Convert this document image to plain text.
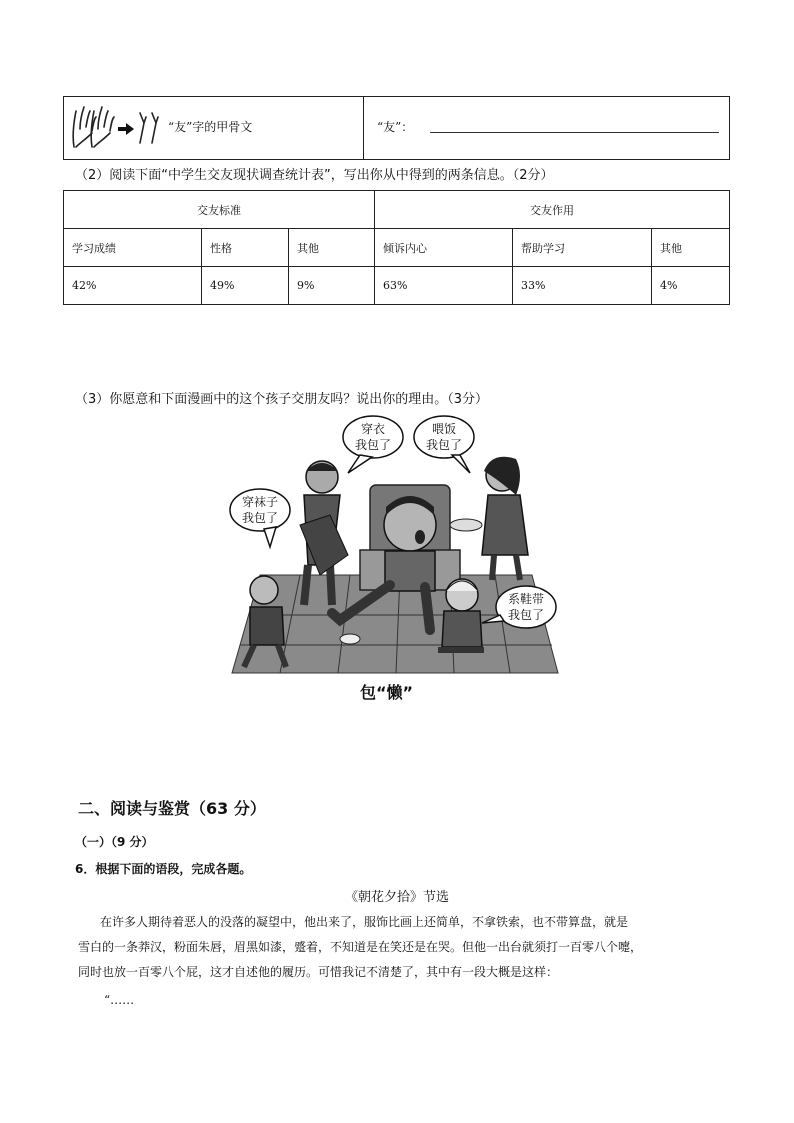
“友”字的甲骨文	“友”：
（2）阅读下面“中学生交友现状调查统计表”，写出你从中得到的两条信息。（2分）
交友标准			交友作用		
学习成绩	性格	其他	倾诉内心	帮助学习	其他
42%	49%	9%	63%	33%	4%
（3）你愿意和下面漫画中的这个孩子交朋友吗？说出你的理由。（3分）
穿衣
我包了
喂饭
我包了
穿袜子
我包了
系鞋带
我包了
包“懒”
二、阅读与鉴赏（63 分）
（一）（9 分）
6．根据下面的语段，完成各题。
《朝花夕拾》节选
在许多人期待着恶人的没落的凝望中，他出来了，服饰比画上还简单，不拿铁索，也不带算盘，就是
雪白的一条莽汉，粉面朱唇，眉黑如漆，蹙着，不知道是在笑还是在哭。但他一出台就须打一百零八个嚏，
同时也放一百零八个屁，这才自述他的履历。可惜我记不清楚了，其中有一段大概是这样：
“……
